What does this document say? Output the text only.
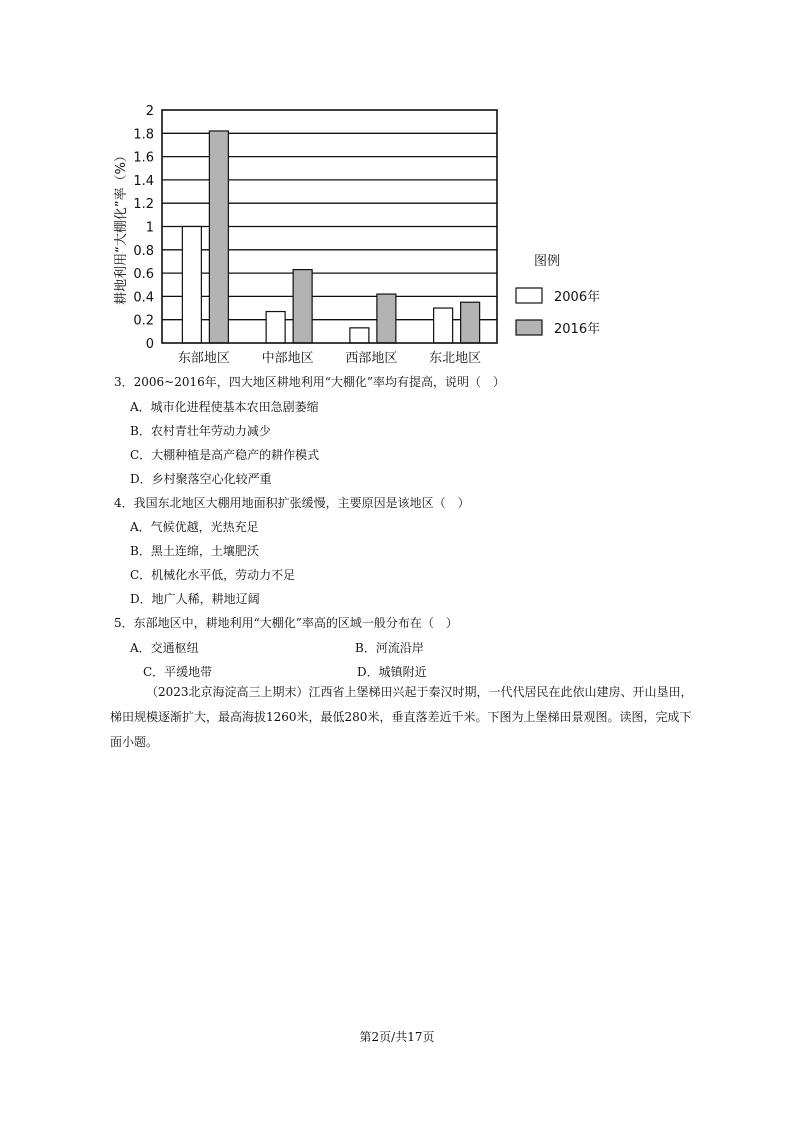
0
0.2
0.4
0.6
0.8
1
1.2
1.4
1.6
1.8
2
东部地区 中部地区 西部地区 东北地区
耕地利用“大棚化”率（%）	图例
2006年
2016年
3．2006~2016年，四大地区耕地利用“大棚化”率均有提高，说明（　）
A．城市化进程使基本农田急剧萎缩
B．农村青壮年劳动力减少
C．大棚种植是高产稳产的耕作模式
D．乡村聚落空心化较严重
4．我国东北地区大棚用地面积扩张缓慢，主要原因是该地区（　）
A．气候优越，光热充足
B．黑土连绵，土壤肥沃
C．机械化水平低，劳动力不足
D．地广人稀，耕地辽阔
5．东部地区中，耕地利用“大棚化”率高的区域一般分布在（　）
A．交通枢纽	B．河流沿岸
C．平缓地带	D．城镇附近
（2023北京海淀高三上期末）江西省上堡梯田兴起于秦汉时期，一代代居民在此依山建房、开山垦田，梯田规模逐渐扩大，最高海拔1260米，最低280米，垂直落差近千米。下图为上堡梯田景观图。读图，完成下面小题。
第2页/共17页
